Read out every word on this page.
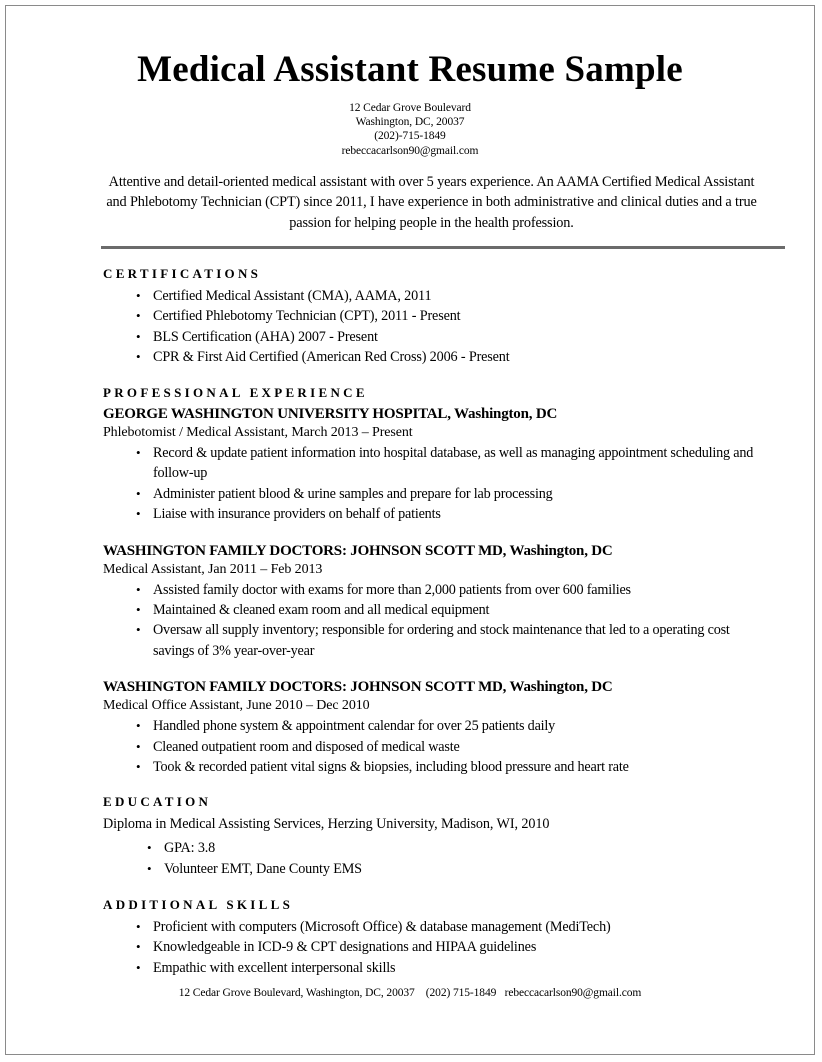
Medical Assistant Resume Sample
12 Cedar Grove Boulevard
Washington, DC, 20037
(202)-715-1849
rebeccacarlson90@gmail.com

Attentive and detail-oriented medical assistant with over 5 years experience. An AAMA Certified Medical Assistant and Phlebotomy Technician (CPT) since 2011, I have experience in both administrative and clinical duties and a true passion for helping people in the health profession.

CERTIFICATIONS
• Certified Medical Assistant (CMA), AAMA, 2011
• Certified Phlebotomy Technician (CPT), 2011 - Present
• BLS Certification (AHA) 2007 - Present
• CPR & First Aid Certified (American Red Cross) 2006 - Present
PROFESSIONAL EXPERIENCE
GEORGE WASHINGTON UNIVERSITY HOSPITAL, Washington, DC
Phlebotomist / Medical Assistant, March 2013 – Present
• Record & update patient information into hospital database, as well as managing appointment scheduling and follow-up
• Administer patient blood & urine samples and prepare for lab processing
• Liaise with insurance providers on behalf of patients
WASHINGTON FAMILY DOCTORS: JOHNSON SCOTT MD, Washington, DC
Medical Assistant, Jan 2011 – Feb 2013
• Assisted family doctor with exams for more than 2,000 patients from over 600 families
• Maintained & cleaned exam room and all medical equipment
• Oversaw all supply inventory; responsible for ordering and stock maintenance that led to a operating cost savings of 3% year-over-year
WASHINGTON FAMILY DOCTORS: JOHNSON SCOTT MD, Washington, DC
Medical Office Assistant, June 2010 – Dec 2010
• Handled phone system & appointment calendar for over 25 patients daily
• Cleaned outpatient room and disposed of medical waste
• Took & recorded patient vital signs & biopsies, including blood pressure and heart rate
EDUCATION
Diploma in Medical Assisting Services, Herzing University, Madison, WI, 2010
• GPA: 3.8
• Volunteer EMT, Dane County EMS
ADDITIONAL SKILLS
• Proficient with computers (Microsoft Office) & database management (MediTech)
• Knowledgeable in ICD-9 & CPT designations and HIPAA guidelines
• Empathic with excellent interpersonal skills
12 Cedar Grove Boulevard, Washington, DC, 20037 (202) 715-1849 rebeccacarlson90@gmail.com
